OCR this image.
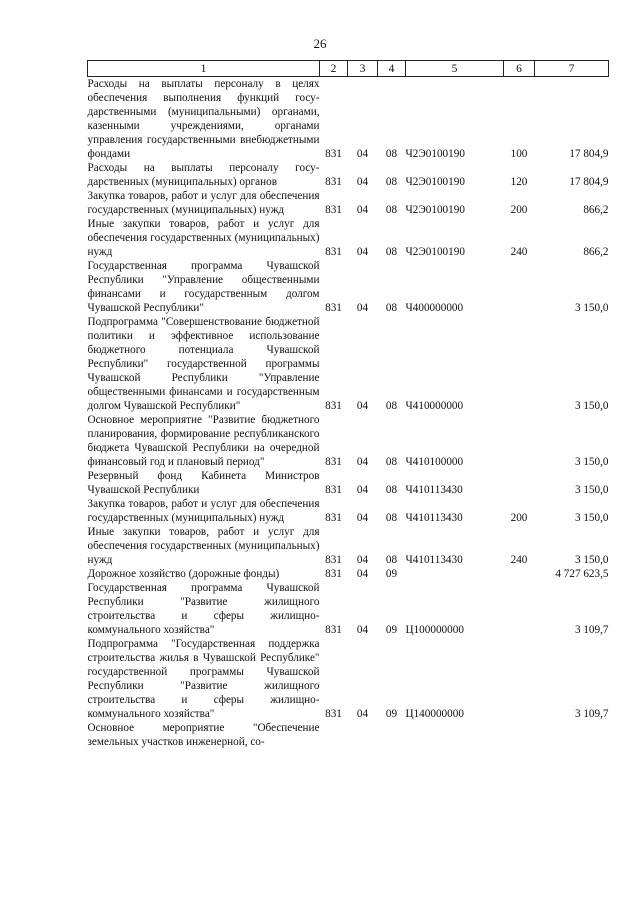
26
1	2	3	4	5	6	7
Расходы на выплаты персоналу в целях обеспечения выполнения функций госу-дарственными (муниципальными) органами, казенными учреждениями, органами управления государственными внебюджетными фондами	831	04	08	Ч2Э0100190	100	17 804,9
Расходы на выплаты персоналу госу-дарственных (муниципальных) органов	831	04	08	Ч2Э0100190	120	17 804,9
Закупка товаров, работ и услуг для обеспечения государственных (муниципальных) нужд	831	04	08	Ч2Э0100190	200	866,2
Иные закупки товаров, работ и услуг для обеспечения государственных (муниципальных) нужд	831	04	08	Ч2Э0100190	240	866,2
Государственная программа Чувашской Республики "Управление общественными финансами и государственным долгом Чувашской Республики"	831	04	08	Ч400000000		3 150,0
Подпрограмма "Совершенствование бюджетной политики и эффективное использование бюджетного потенциала Чувашской Республики" государственной программы Чувашской Республики "Управление общественными финансами и государственным долгом Чувашской Республики"	831	04	08	Ч410000000		3 150,0
Основное мероприятие "Развитие бюджетного планирования, формирование республиканского бюджета Чувашской Республики на очередной финансовый год и плановый период"	831	04	08	Ч410100000		3 150,0
Резервный фонд Кабинета Министров Чувашской Республики	831	04	08	Ч410113430		3 150,0
Закупка товаров, работ и услуг для обеспечения государственных (муниципальных) нужд	831	04	08	Ч410113430	200	3 150,0
Иные закупки товаров, работ и услуг для обеспечения государственных (муниципальных) нужд	831	04	08	Ч410113430	240	3 150,0
Дорожное хозяйство (дорожные фонды)	831	04	09			4 727 623,5
Государственная программа Чувашской Республики "Развитие жилищного строительства и сферы жилищно-коммунального хозяйства"	831	04	09	Ц100000000		3 109,7
Подпрограмма "Государственная поддержка строительства жилья в Чувашской Республике" государственной программы Чувашской Республики "Развитие жилищного строительства и сферы жилищно-коммунального хозяйства"	831	04	09	Ц140000000		3 109,7
Основное мероприятие "Обеспечение земельных участков инженерной, со-						
